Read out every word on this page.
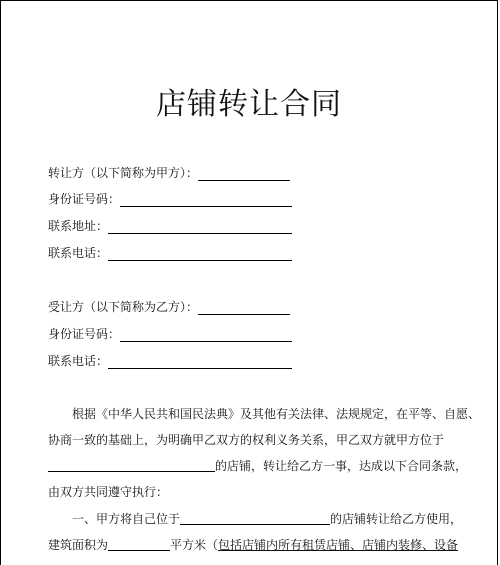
店铺转让合同
转让方（以下简称为甲方）：
身份证号码：
联系地址：
联系电话：
受让方（以下简称为乙方）：
身份证号码：
联系电话：
根据《中华人民共和国民法典》及其他有关法律、法规规定，在平等、自愿、
协商一致的基础上，为明确甲乙双方的权利义务关系，甲乙双方就甲方位于
的店铺，转让给乙方一事，达成以下合同条款，
由双方共同遵守执行：
一、甲方将自己位于	的店铺转让给乙方使用，
建筑面积为	平方米（包括店铺内所有租赁店铺、店铺内装修、设备
